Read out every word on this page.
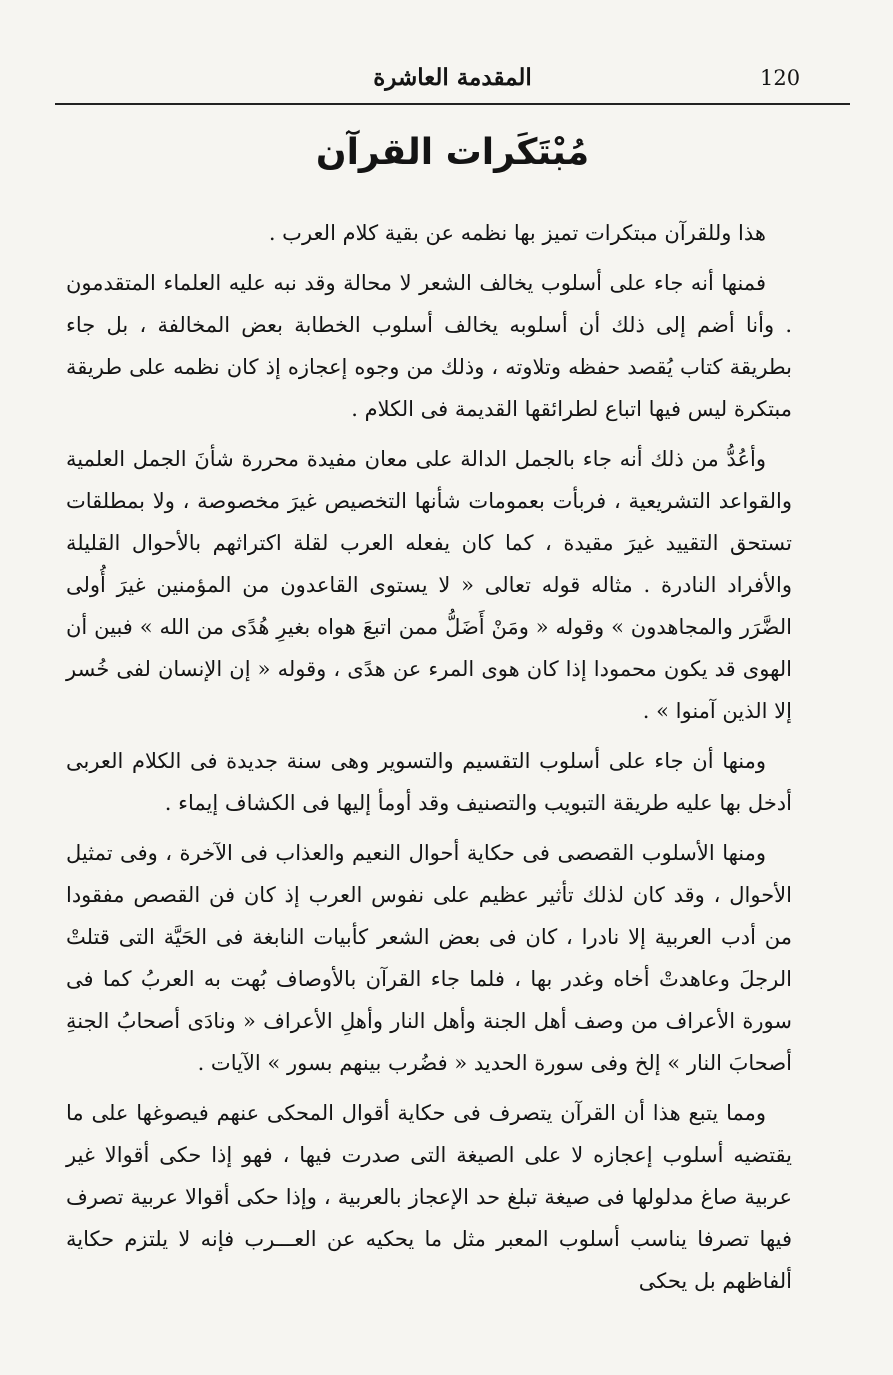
120
المقدمة العاشرة
مُبْتَكَرات القرآن

هذا وللقرآن مبتكرات تميز بها نظمه عن بقية كلام العرب .

فمنها أنه جاء على أسلوب يخالف الشعر لا محالة وقد نبه عليه العلماء المتقدمون . وأنا أضم إلى ذلك أن أسلوبه يخالف أسلوب الخطابة بعض المخالفة ، بل جاء بطريقة كتاب يُقصد حفظه وتلاوته ، وذلك من وجوه إعجازه إذ كان نظمه على طريقة مبتكرة ليس فيها اتباع لطرائقها القديمة فى الكلام .

وأعُدُّ من ذلك أنه جاء بالجمل الدالة على معان مفيدة محررة شأنَ الجمل العلمية والقواعد التشريعية ، فربأت بعمومات شأنها التخصيص غيرَ مخصوصة ، ولا بمطلقات تستحق التقييد غيرَ مقيدة ، كما كان يفعله العرب لقلة اكتراثهم بالأحوال القليلة والأفراد النادرة . مثاله قوله تعالى « لا يستوى القاعدون من المؤمنين غيرَ أُولى الضَّرَر والمجاهدون » وقوله « ومَنْ أَضَلُّ ممن اتبعَ هواه بغيرِ هُدًى من الله » فبين أن الهوى قد يكون محمودا إذا كان هوى المرء عن هدًى ، وقوله « إن الإنسان لفى خُسر إلا الذين آمنوا » .

ومنها أن جاء على أسلوب التقسيم والتسوير وهى سنة جديدة فى الكلام العربى أدخل بها عليه طريقة التبويب والتصنيف وقد أومأ إليها فى الكشاف إيماء .

ومنها الأسلوب القصصى فى حكاية أحوال النعيم والعذاب فى الآخرة ، وفى تمثيل الأحوال ، وقد كان لذلك تأثير عظيم على نفوس العرب إذ كان فن القصص مفقودا من أدب العربية إلا نادرا ، كان فى بعض الشعر كأبيات النابغة فى الحَيَّة التى قتلتْ الرجلَ وعاهدتْ أخاه وغدر بها ، فلما جاء القرآن بالأوصاف بُهت به العربُ كما فى سورة الأعراف من وصف أهل الجنة وأهل النار وأهلِ الأعراف « ونادَى أصحابُ الجنةِ أصحابَ النار » إلخ وفى سورة الحديد « فضُرب بينهم بسور » الآيات .

ومما يتبع هذا أن القرآن يتصرف فى حكاية أقوال المحكى عنهم فيصوغها على ما يقتضيه أسلوب إعجازه لا على الصيغة التى صدرت فيها ، فهو إذا حكى أقوالا غير عربية صاغ مدلولها فى صيغة تبلغ حد الإعجاز بالعربية ، وإذا حكى أقوالا عربية تصرف فيها تصرفا يناسب أسلوب المعبر مثل ما يحكيه عن العـــرب فإنه لا يلتزم حكاية ألفاظهم بل يحكى
